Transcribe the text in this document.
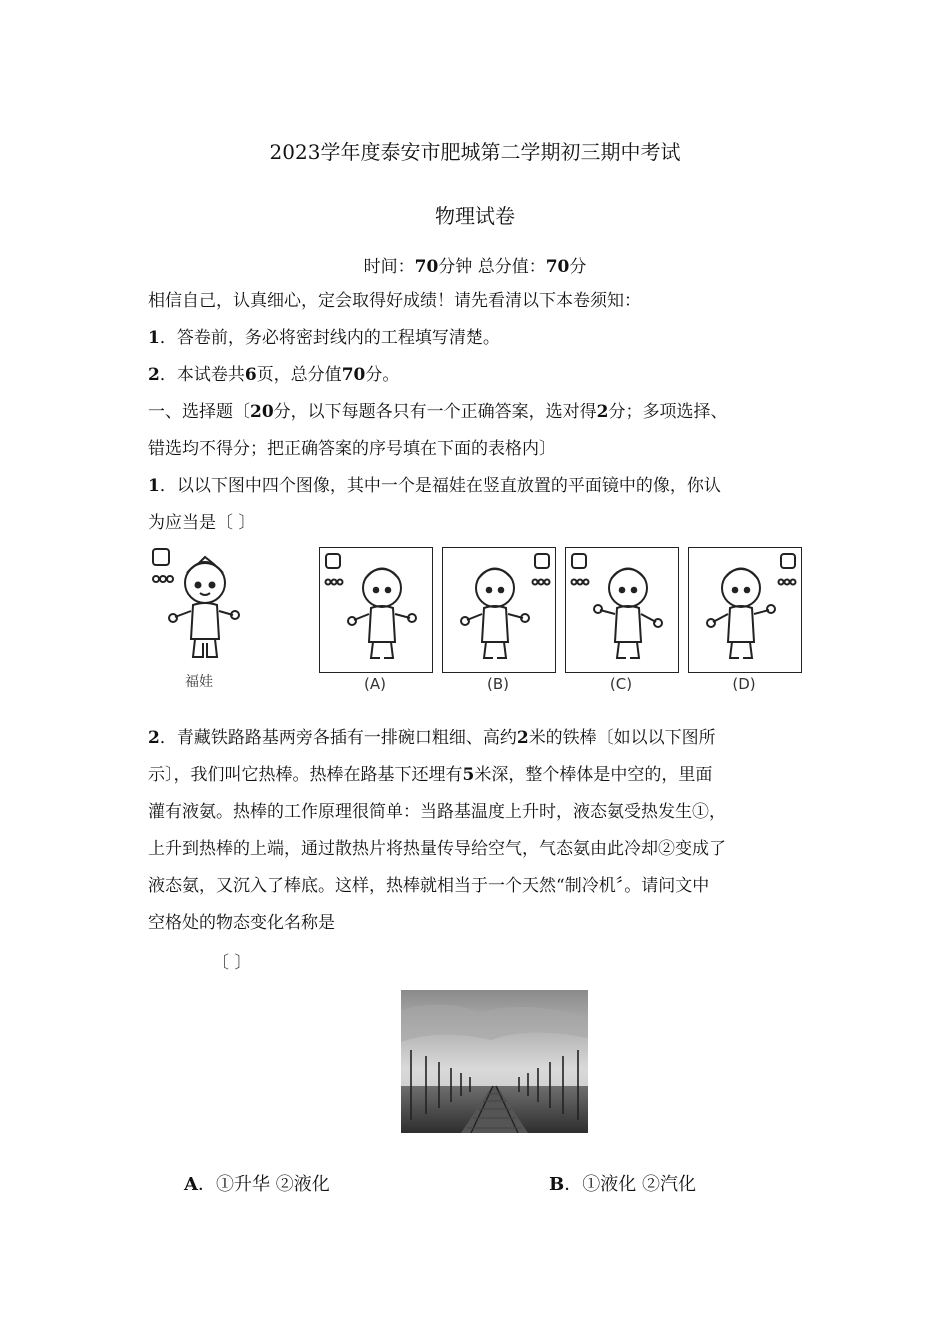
2023学年度泰安市肥城第二学期初三期中考试
物理试卷
时间：70分钟 总分值：70分
相信自己，认真细心，定会取得好成绩！请先看清以下本卷须知：
1．答卷前，务必将密封线内的工程填写清楚。
2．本试卷共6页，总分值70分。
一、选择题〔20分，以下每题各只有一个正确答案，选对得2分；多项选择、
错选均不得分；把正确答案的序号填在下面的表格内〕
1．以以下图中四个图像，其中一个是福娃在竖直放置的平面镜中的像，你认
为应当是〔 〕
福娃	(A)	(B)	(C)	(D)
2．青藏铁路路基两旁各插有一排碗口粗细、高约2米的铁棒〔如以以下图所
示〕，我们叫它热棒。热棒在路基下还埋有5米深，整个棒体是中空的，里面
灌有液氨。热棒的工作原理很简单：当路基温度上升时，液态氨受热发生①，
上升到热棒的上端，通过散热片将热量传导给空气，气态氨由此冷却②变成了
液态氨，又沉入了棒底。这样，热棒就相当于一个天然“制冷机〞。请问文中
空格处的物态变化名称是
〔 〕
A．①升华 ②液化	B．①液化 ②汽化
